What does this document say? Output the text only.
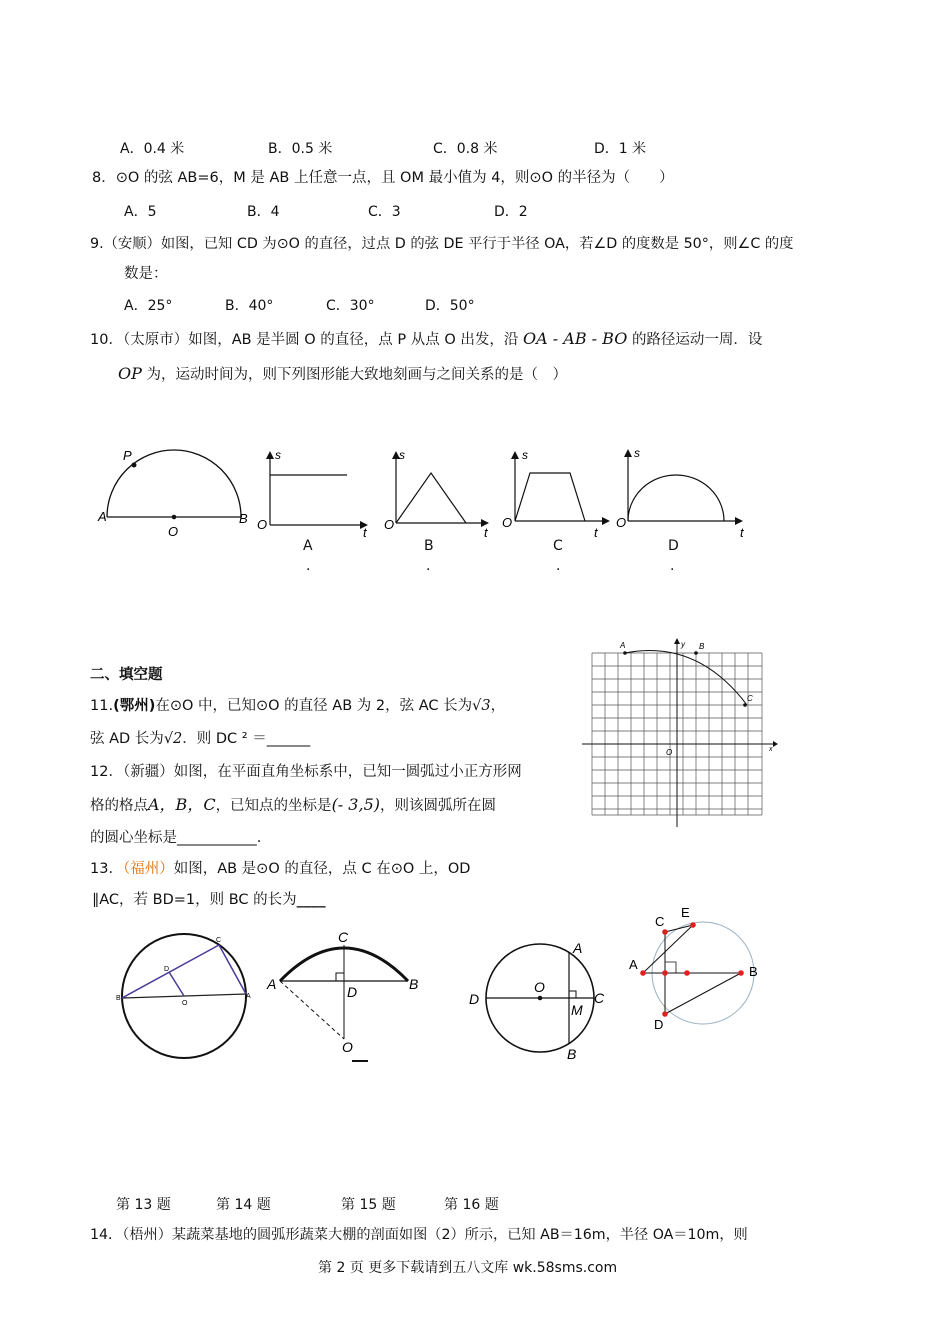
A．0.4 米	B．0.5 米	C．0.8 米	D．1 米
8．⊙O 的弦 AB=6，M 是 AB 上任意一点，且 OM 最小值为 4，则⊙O 的半径为（　　）
A．5	B．4	C．3	D．2
9.（安顺）如图，已知 CD 为⊙O 的直径，过点 D 的弦 DE 平行于半径 OA，若∠D 的度数是 50°，则∠C 的度
数是：
A．25°	B．40°	C．30°	D．50°
10．（太原市）如图，AB 是半圆 O 的直径，点 P 从点 O 出发，沿 OA - AB - BO 的路径运动一周．设
OP 为，运动时间为，则下列图形能大致地刻画与之间关系的是（　）
P
A	B
O
s
t
O
s
t
O
s
t
O
s
t
O
A
.
B
.
C
.
D
.
二、填空题
11.(鄂州)在⊙O 中，已知⊙O 的直径 AB 为 2，弦 AC 长为√3，
弦 AD 长为√2．则 DC ² ＝______
12．（新疆）如图，在平面直角坐标系中，已知一圆弧过小正方形网
格的格点A，B，C，已知点的坐标是(- 3,5)，则该圆弧所在圆
的圆心坐标是___________.
A	B
C
y
x
O
13．（福州）如图，AB 是⊙O 的直径，点 C 在⊙O 上，OD
∥AC，若 BD=1，则 BC 的长为____
B
D
C
O
A
A	B
C
D
O
D
O
C
A
M
B
C
E
A	B
D
第 13 题	第 14 题	第 15 题	第 16 题
14．（梧州）某蔬菜基地的圆弧形蔬菜大棚的剖面如图（2）所示，已知 AB＝16m，半径 OA＝10m，则
第 2 页 更多下载请到五八文库 wk.58sms.com
